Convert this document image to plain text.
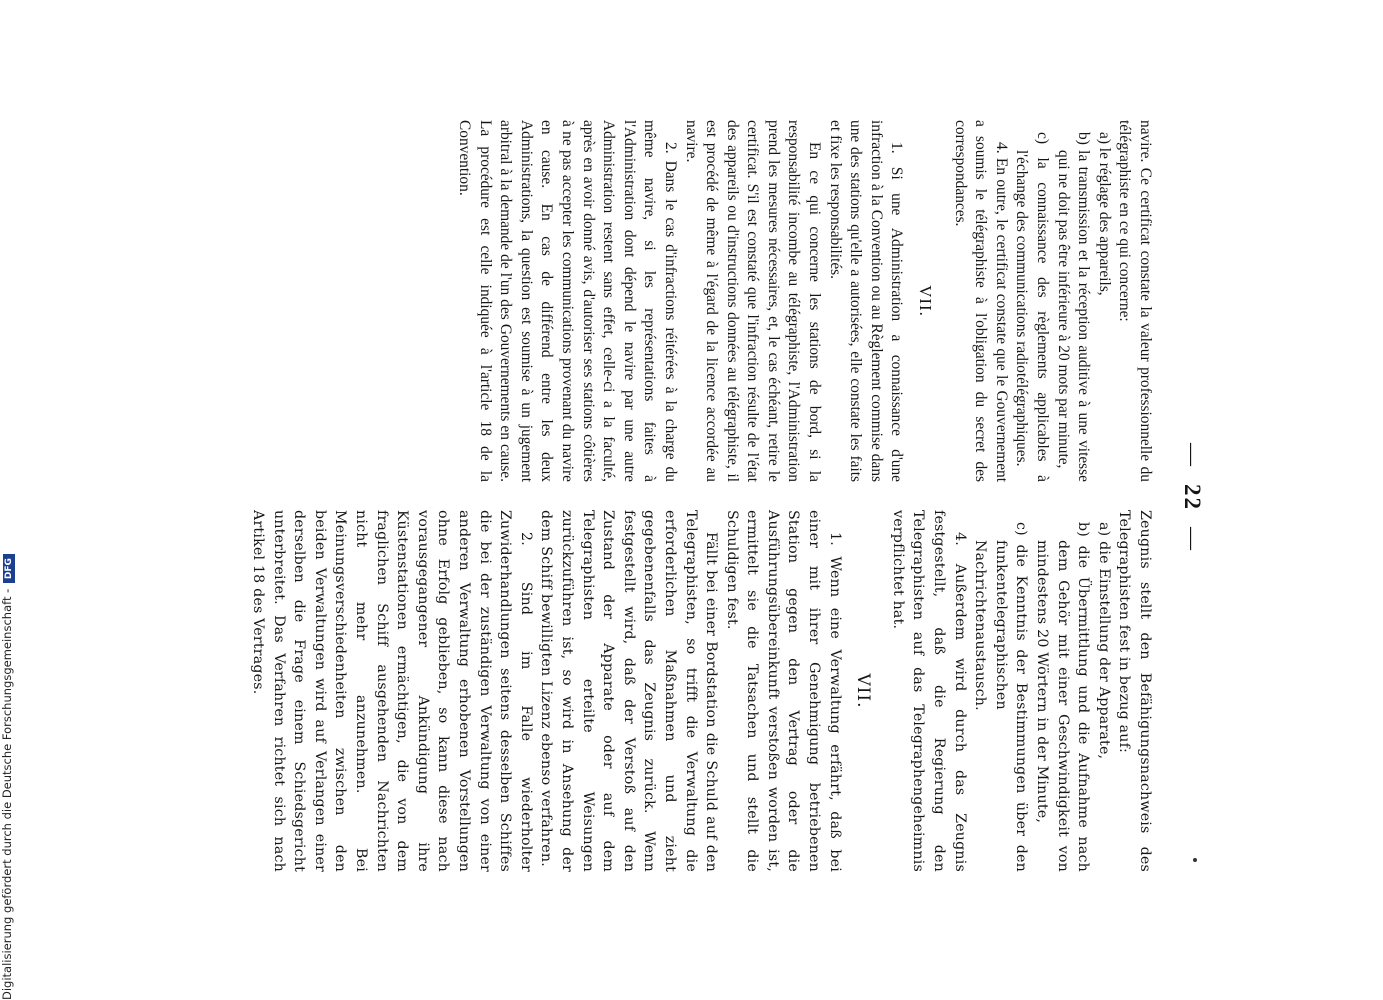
—22—

navire. Ce certificat constate la valeur professionnelle du télégraphiste en ce qui concerne:

a) le réglage des appareils,

b) la transmission et la réception auditive à une vitesse qui ne doit pas être inférieure à 20 mots par minute,

c) la connaissance des règlements applicables à l'échange des communications radiotélégraphiques.

4. En outre, le certificat constate que le Gouvernement a soumis le télégraphiste à l'obligation du secret des correspondances.

VII.

1. Si une Administration a connaissance d'une infraction à la Convention ou au Règlement commise dans une des stations qu'elle a autorisées, elle constate les faits et fixe les responsabilités.

En ce qui concerne les stations de bord, si la responsabilité incombe au télégraphiste, l'Administration prend les mesures nécessaires, et, le cas échéant, retire le certificat. S'il est constaté que l'infraction résulte de l'état des appareils ou d'instructions données au télégraphiste, il est procédé de même à l'égard de la licence accordée au navire.

2. Dans le cas d'infractions réitérées à la charge du même navire, si les représentations faites à l'Administration dont dépend le navire par une autre Administration restent sans effet, celle-ci a la faculté, après en avoir donné avis, d'autoriser ses stations côtières à ne pas accepter les communications provenant du navire en cause. En cas de différend entre les deux Administrations, la question est soumise à un jugement arbitral à la demande de l'un des Gouvernements en cause. La procédure est celle indiquée à l'article 18 de la Convention.

Zeugnis stellt den Befähigungsnachweis des Telegraphisten fest in bezug auf:

a) die Einstellung der Apparate,

b) die Übermittlung und die Aufnahme nach dem Gehör mit einer Geschwindigkeit von mindestens 20 Wörtern in der Minute,

c) die Kenntnis der Bestimmungen über den funkentelegraphischen Nachrichtenaustausch.

4. Außerdem wird durch das Zeugnis festgestellt, daß die Regierung den Telegraphisten auf das Telegraphengeheimnis verpflichtet hat.

VII.

1. Wenn eine Verwaltung erfährt, daß bei einer mit ihrer Genehmigung betriebenen Station gegen den Vertrag oder die Ausführungsübereinkunft verstoßen worden ist, ermittelt sie die Tatsachen und stellt die Schuldigen fest.

Fällt bei einer Bordstation die Schuld auf den Telegraphisten, so trifft die Verwaltung die erforderlichen Maßnahmen und zieht gegebenenfalls das Zeugnis zurück. Wenn festgestellt wird, daß der Verstoß auf den Zustand der Apparate oder auf dem Telegraphisten erteilte Weisungen zurückzuführen ist, so wird in Ansehung der dem Schiff bewilligten Lizenz ebenso verfahren.

2. Sind im Falle wiederholter Zuwiderhandlungen seitens desselben Schiffes die bei der zuständigen Verwaltung von einer anderen Verwaltung erhobenen Vorstellungen ohne Erfolg geblieben, so kann diese nach vorausgegangener Ankündigung ihre Küstenstationen ermächtigen, die von dem fraglichen Schiff ausgehenden Nachrichten nicht mehr anzunehmen. Bei Meinungsverschiedenheiten zwischen den beiden Verwaltungen wird auf Verlangen einer derselben die Frage einem Schiedsgericht unterbreitet. Das Verfahren richtet sich nach Artikel 18 des Vertrages.

Digitalisierung gefördert durch die Deutsche Forschungsgemeinschaft - DFG
